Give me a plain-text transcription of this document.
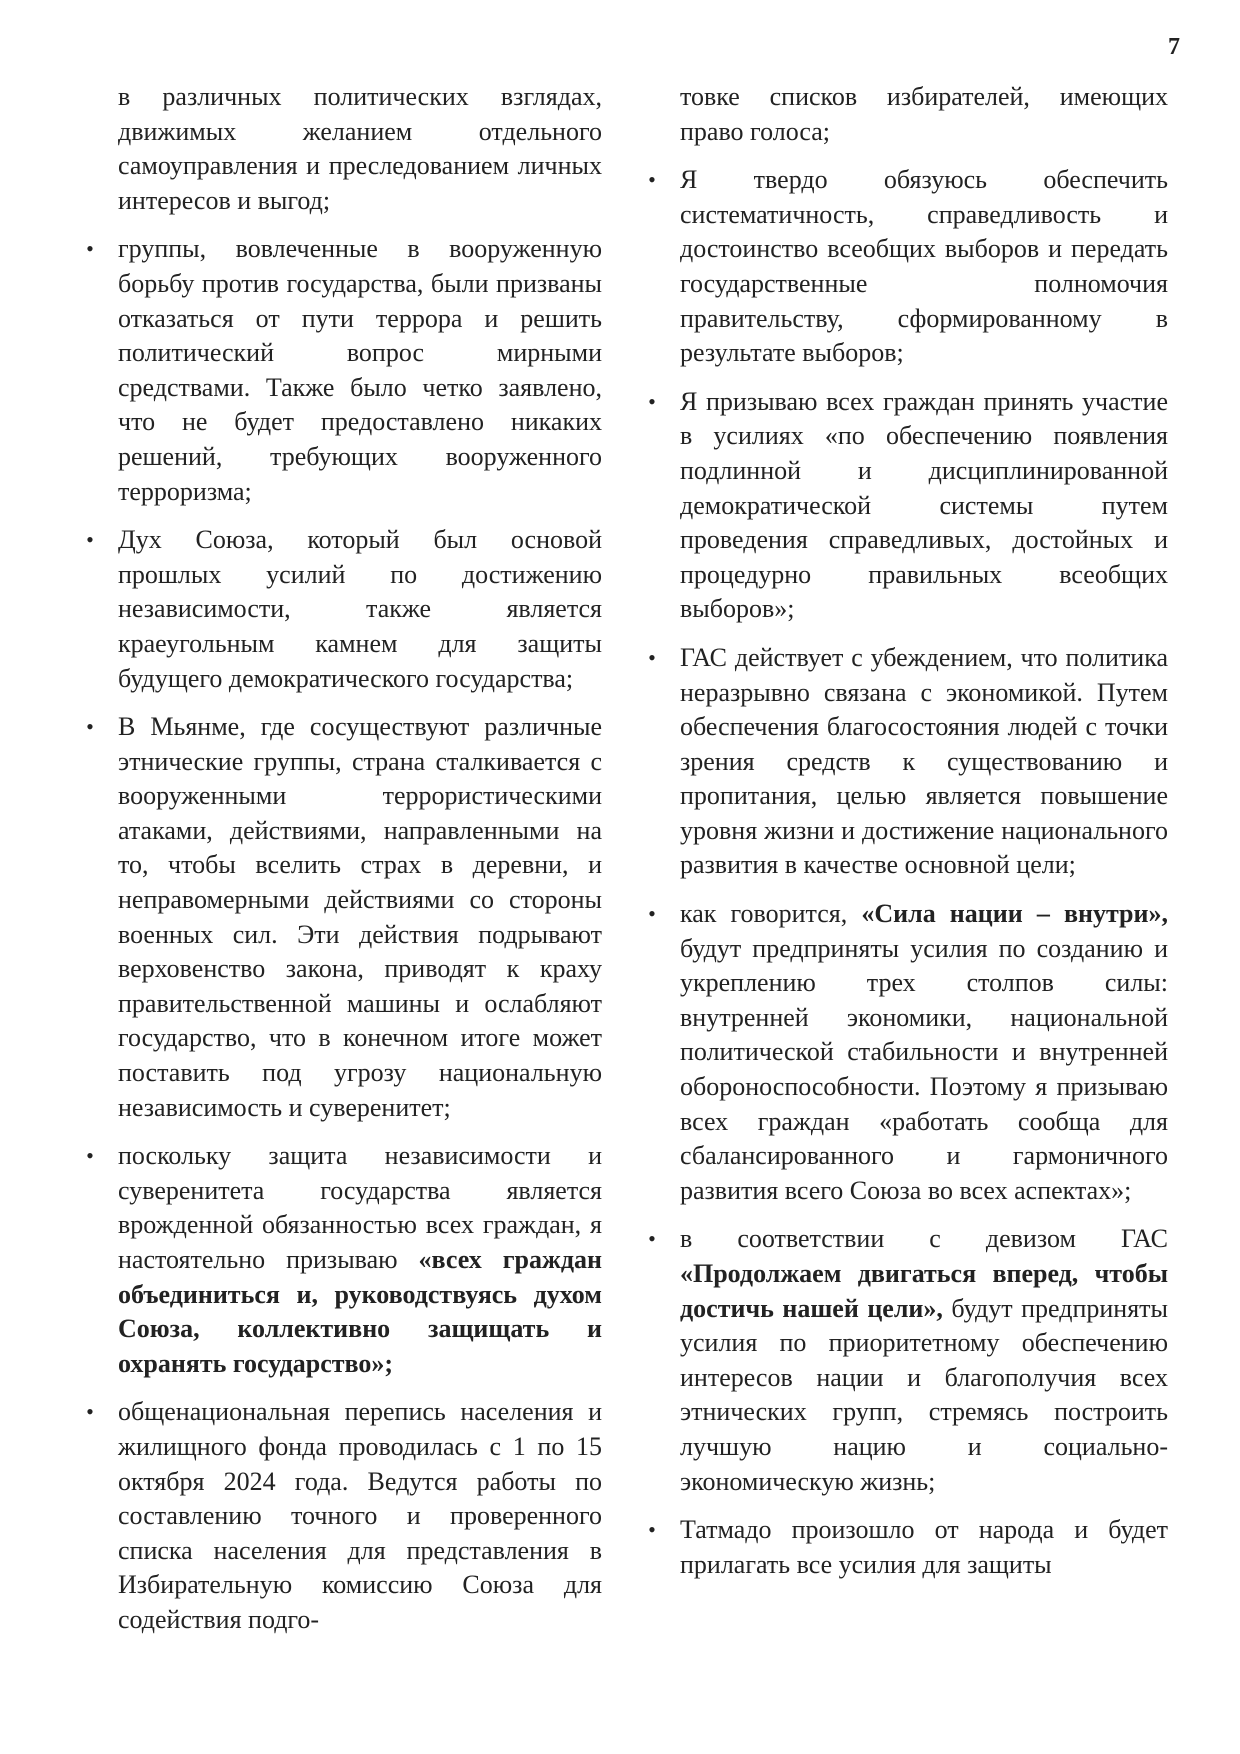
7

в различных политических взглядах, движимых желанием отдельного самоуправления и преследованием личных интересов и выгод;

• группы, вовлеченные в вооруженную борьбу против государства, были призваны отказаться от пути террора и решить политический вопрос мирными средствами. Также было четко заявлено, что не будет предоставлено никаких решений, требующих вооруженного терроризма;

• Дух Союза, который был основой прошлых усилий по достижению независимости, также является краеугольным камнем для защиты будущего демократического государства;

• В Мьянме, где сосуществуют различные этнические группы, страна сталкивается с вооруженными террористическими атаками, действиями, направленными на то, чтобы вселить страх в деревни, и неправомерными действиями со стороны военных сил. Эти действия подрывают верховенство закона, приводят к краху правительственной машины и ослабляют государство, что в конечном итоге может поставить под угрозу национальную независимость и суверенитет;

• поскольку защита независимости и суверенитета государства является врожденной обязанностью всех граждан, я настоятельно призываю «всех граждан объединиться и, руководствуясь духом Союза, коллективно защищать и охранять государство»;

• общенациональная перепись населения и жилищного фонда проводилась с 1 по 15 октября 2024 года. Ведутся работы по составлению точного и проверенного списка населения для представления в Избирательную комиссию Союза для содействия подго-

товке списков избирателей, имеющих право голоса;

• Я твердо обязуюсь обеспечить систематичность, справедливость и достоинство всеобщих выборов и передать государственные полномочия правительству, сформированному в результате выборов;

• Я призываю всех граждан принять участие в усилиях «по обеспечению появления подлинной и дисциплинированной демократической системы путем проведения справедливых, достойных и процедурно правильных всеобщих выборов»;

• ГАС действует с убеждением, что политика неразрывно связана с экономикой. Путем обеспечения благосостояния людей с точки зрения средств к существованию и пропитания, целью является повышение уровня жизни и достижение национального развития в качестве основной цели;

• как говорится, «Сила нации – внутри», будут предприняты усилия по созданию и укреплению трех столпов силы: внутренней экономики, национальной политической стабильности и внутренней обороноспособности. Поэтому я призываю всех граждан «работать сообща для сбалансированного и гармоничного развития всего Союза во всех аспектах»;

• в соответствии с девизом ГАС «Продолжаем двигаться вперед, чтобы достичь нашей цели», будут предприняты усилия по приоритетному обеспечению интересов нации и благополучия всех этнических групп, стремясь построить лучшую нацию и социально-экономическую жизнь;

• Татмадо произошло от народа и будет прилагать все усилия для защиты
